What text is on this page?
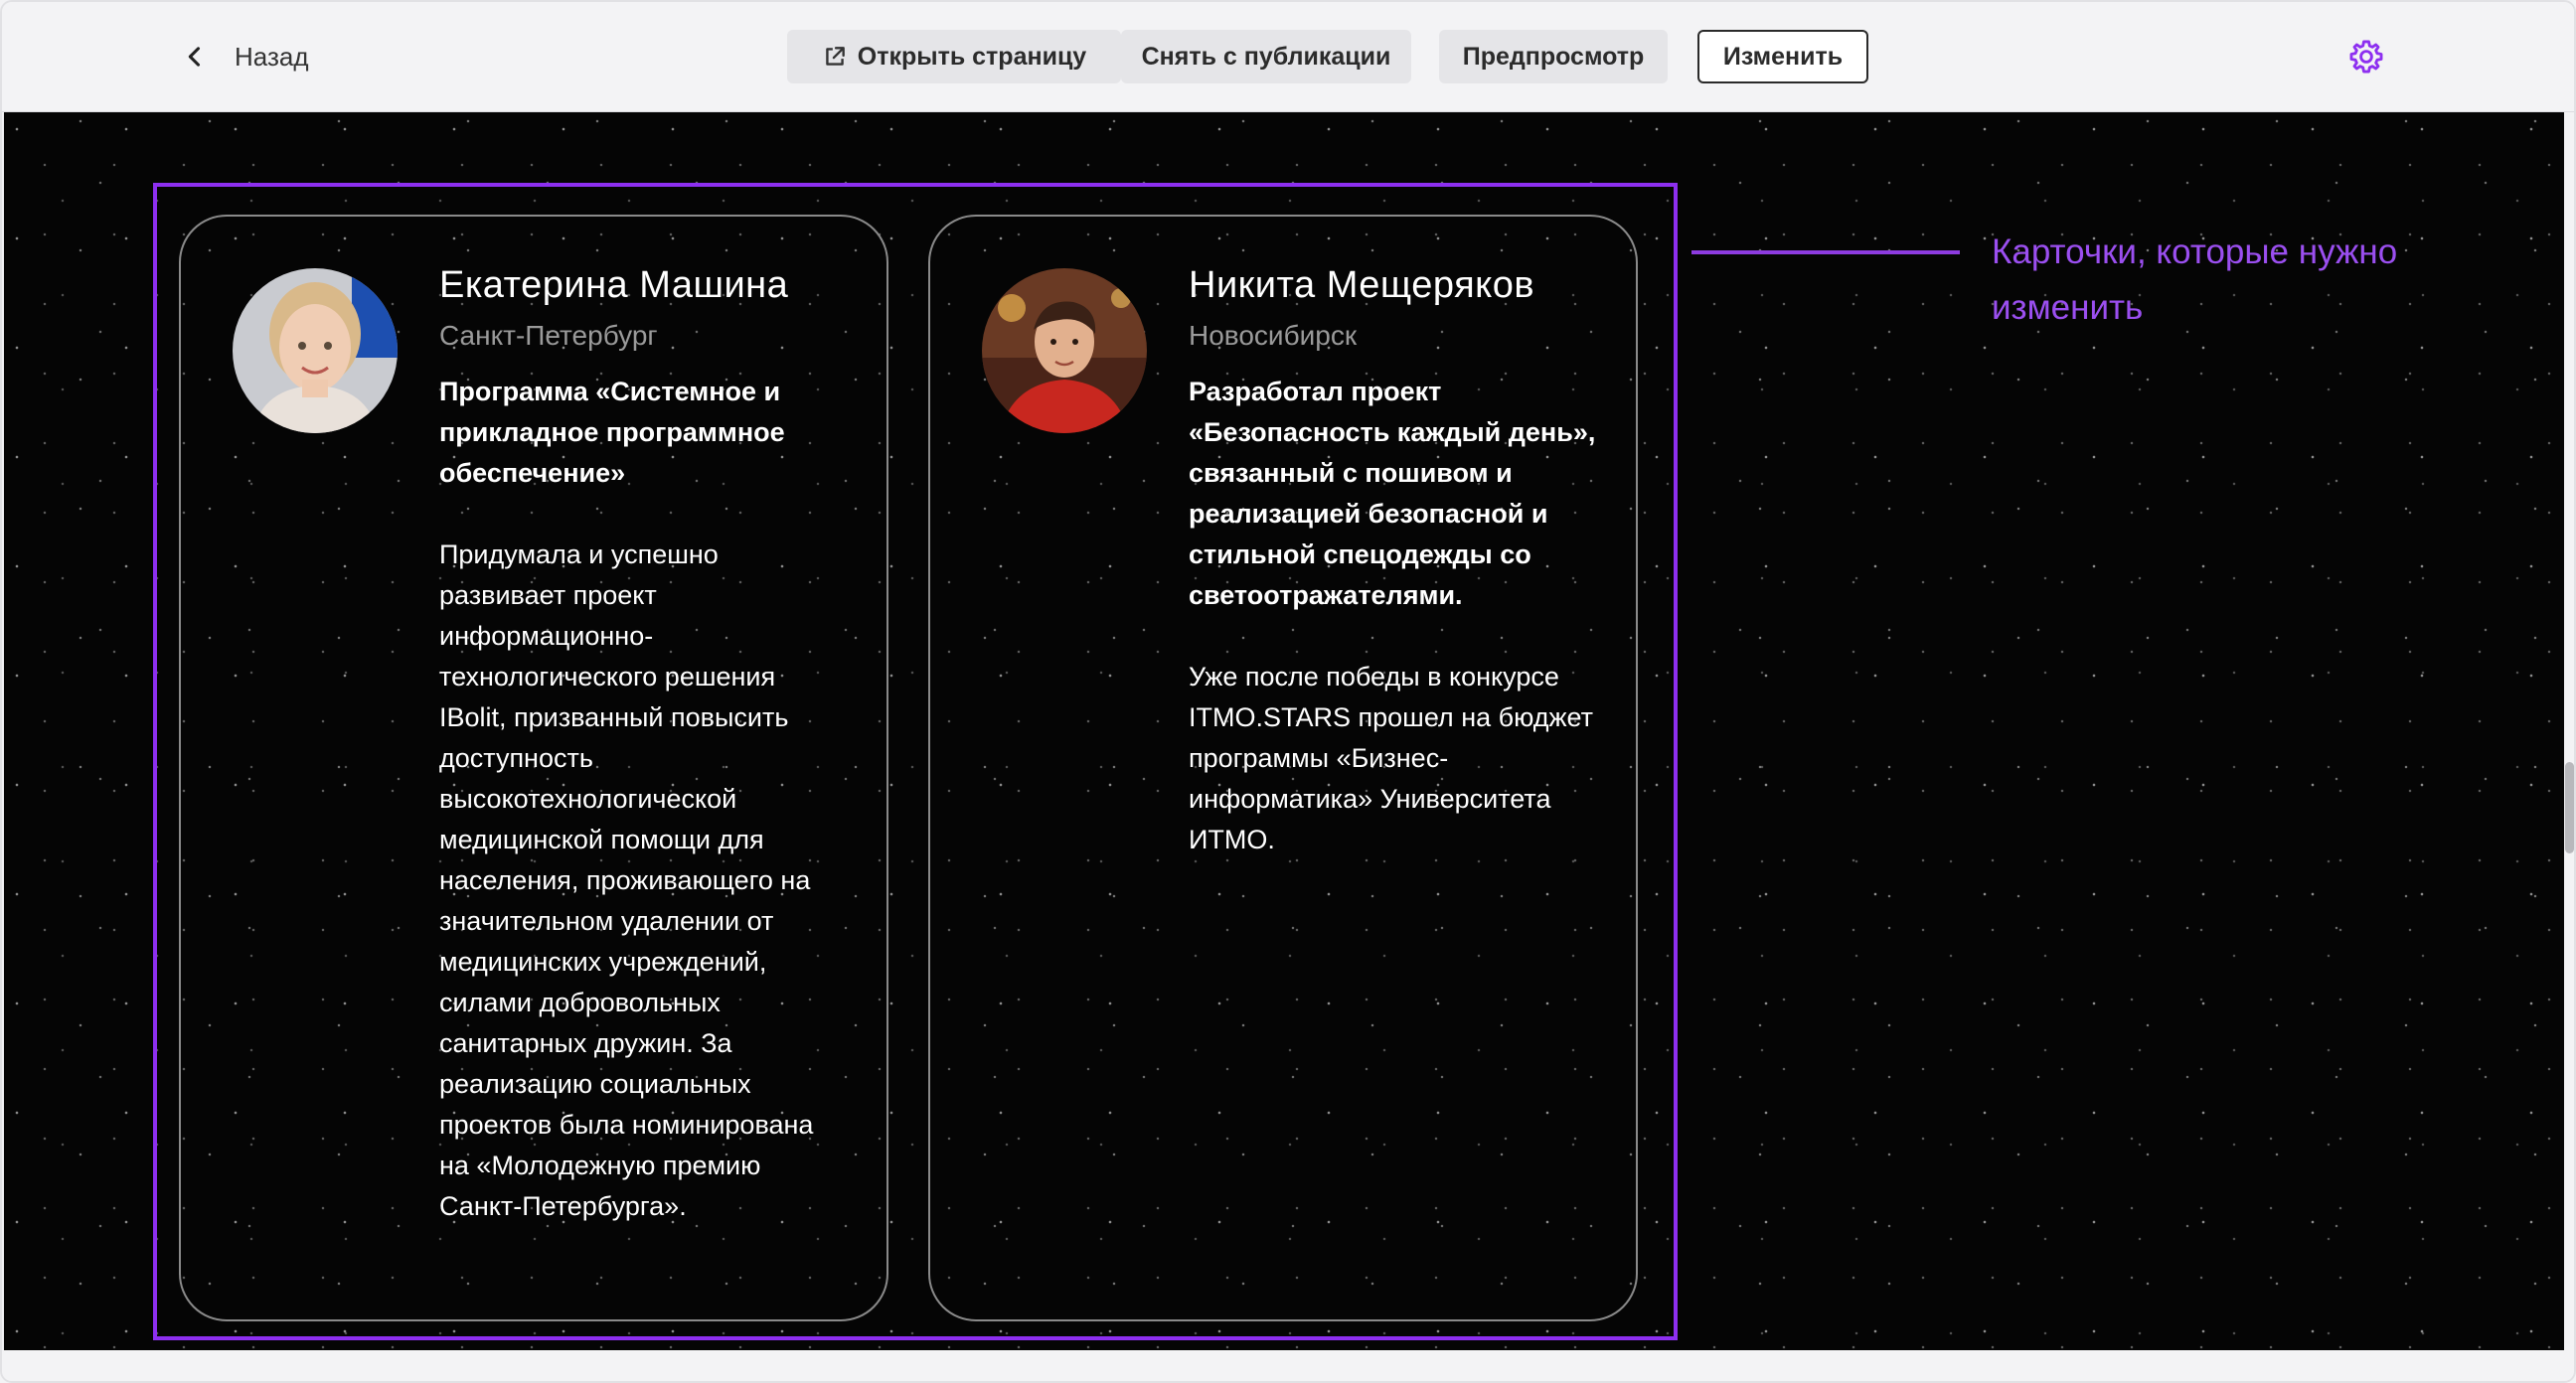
Назад	Открыть страницу Снять с публикации	Предпросмотр	Изменить
Екатерина Машина
Санкт-Петербург

Программа «Системное и прикладное программное обеспечение»

Придумала и успешно развивает проект информационно-технологического решения IBolit, призванный повысить доступность высокотехнологической медицинской помощи для населения, проживающего на значительном удалении от медицинских учреждений, силами добровольных санитарных дружин. За реализацию социальных проектов была номинирована на «Молодежную премию Санкт-Петербурга».

Никита Мещеряков
Новосибирск

Разработал проект «Безопасность каждый день», связанный с пошивом и реализацией безопасной и стильной спецодежды со светоотражателями.

Уже после победы в конкурсе ITMO.STARS прошел на бюджет программы «Бизнес-информатика» Университета ИТМО.

Карточки, которые нужно изменить
